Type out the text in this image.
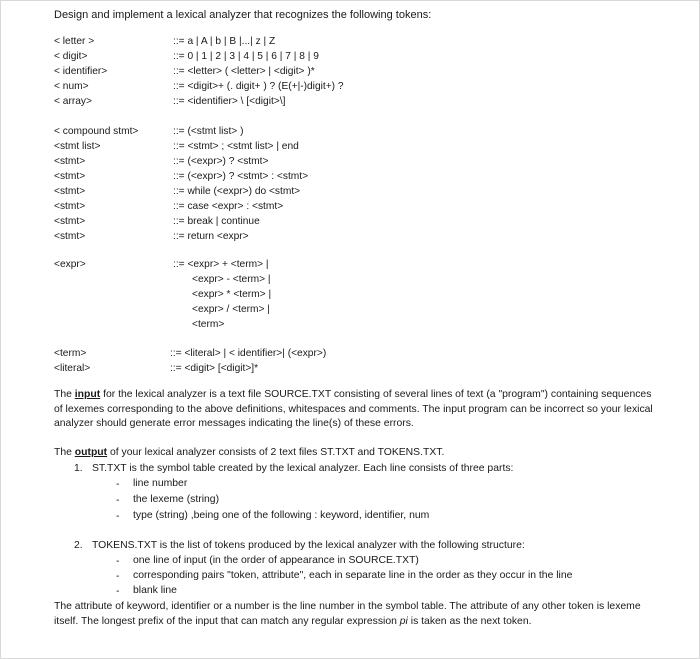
Design and implement a lexical analyzer that recognizes the following tokens:
< letter >	::= a | A | b | B |...| z | Z
< digit>	::= 0 | 1 | 2 | 3 | 4 | 5 | 6 | 7 | 8 | 9
< identifier>	::= <letter> ( <letter> | <digit> )*
< num>	::= <digit>+ (. digit+ ) ? (E(+|-)digit+) ?
< array>	::= <identifier> \ [<digit>\]
< compound stmt>	::= (<stmt list> )
<stmt list>	::= <stmt> ; <stmt list> | end
<stmt>	::= (<expr>) ? <stmt>
<stmt>	::= (<expr>) ? <stmt> : <stmt>
<stmt>	::= while (<expr>) do <stmt>
<stmt>	::= case <expr> : <stmt>
<stmt>	::= break | continue
<stmt>	::= return <expr>
<expr>	::= <expr> + <term> |
<expr> - <term> |
<expr> * <term> |
<expr> / <term> |
<term>
<term>	::= <literal> | < identifier>| (<expr>)
<literal>	::= <digit> [<digit>]*
The input for the lexical analyzer is a text file SOURCE.TXT consisting of several lines of text (a "program") containing sequences of lexemes corresponding to the above definitions, whitespaces and comments. The input program can be incorrect so your lexical analyzer should generate error messages indicating the line(s) of these errors.
The output of your lexical analyzer consists of 2 text files ST.TXT and TOKENS.TXT.
1. ST.TXT is the symbol table created by the lexical analyzer. Each line consists of three parts:
- line number
- the lexeme (string)
- type (string) ,being one of the following : keyword, identifier, num
2. TOKENS.TXT is the list of tokens produced by the lexical analyzer with the following structure:
- one line of input (in the order of appearance in SOURCE.TXT)
- corresponding pairs "token, attribute", each in separate line in the order as they occur in the line
- blank line
The attribute of keyword, identifier or a number is the line number in the symbol table. The attribute of any other token is lexeme itself. The longest prefix of the input that can match any regular expression pi is taken as the next token.
